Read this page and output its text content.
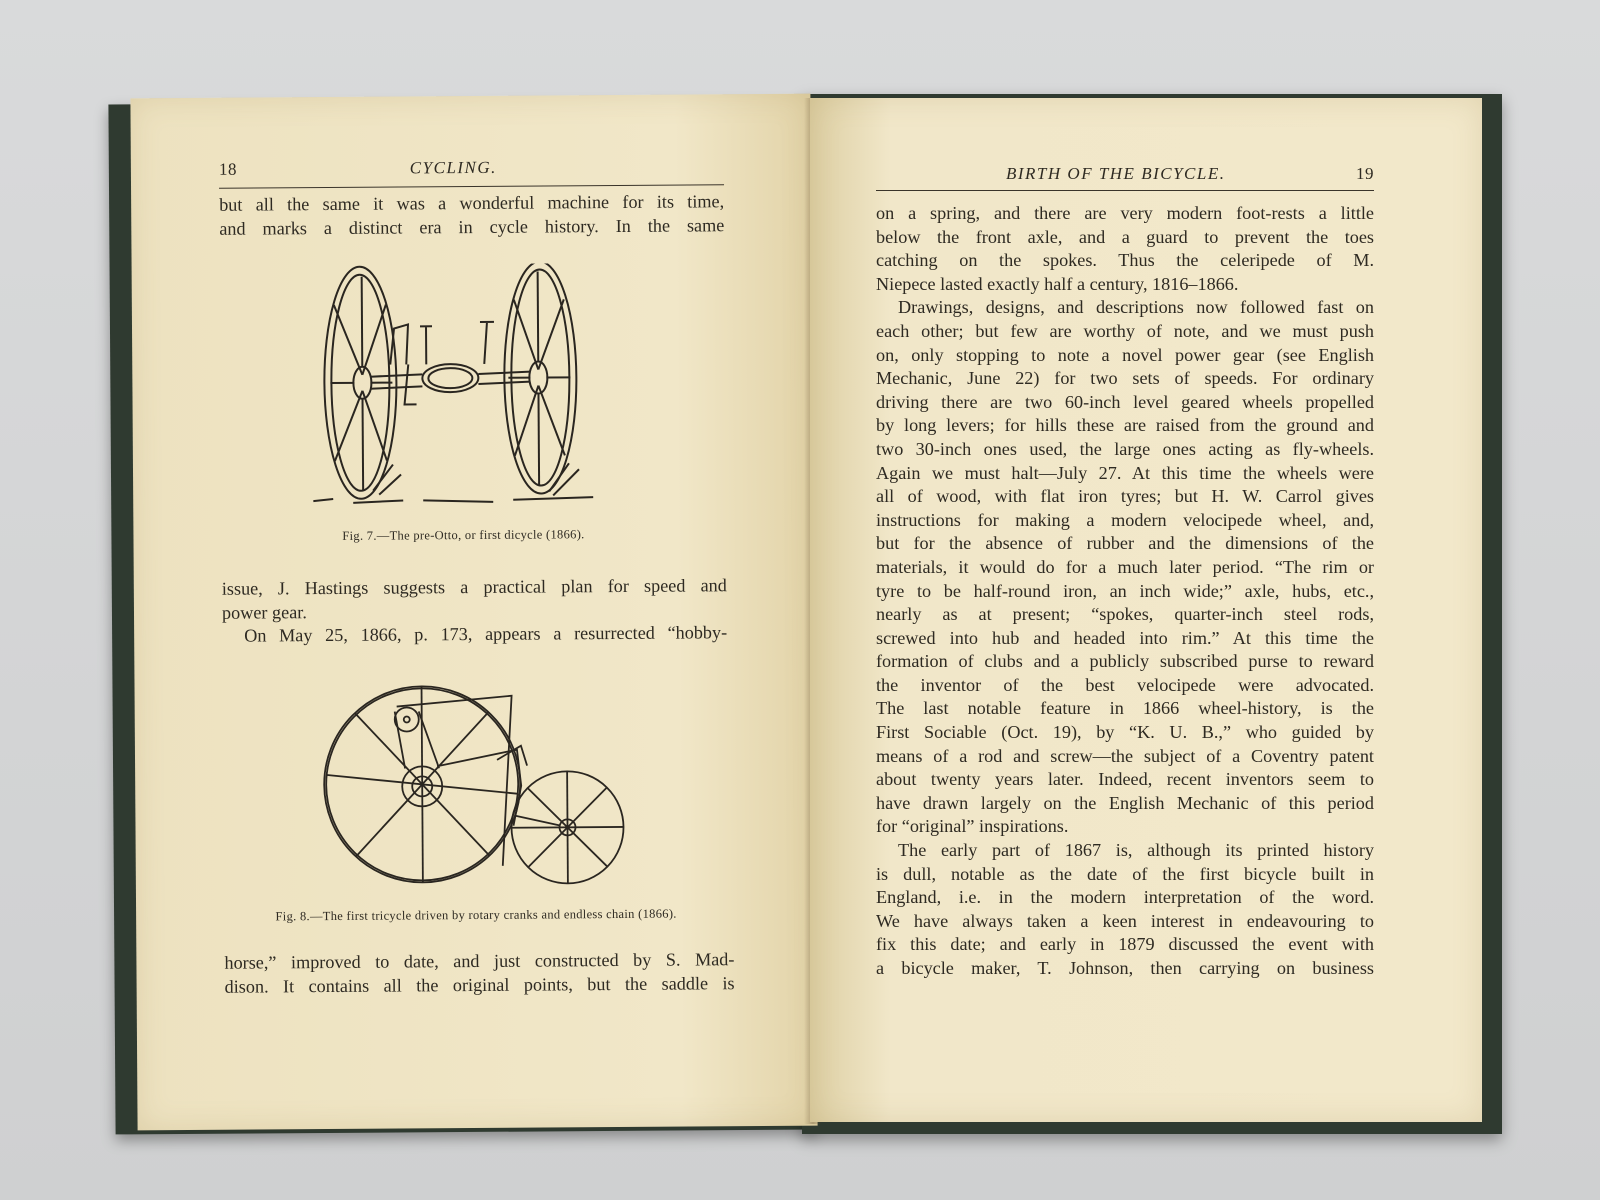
18	CYCLING.
but all the same it was a wonderful machine for its time,
and marks a distinct era in cycle history. In the same
Fig. 7.—The pre-Otto, or first dicycle (1866).
issue, J. Hastings suggests a practical plan for speed and
power gear.
On May 25, 1866, p. 173, appears a resurrected “hobby-
Fig. 8.—The first tricycle driven by rotary cranks and endless chain (1866).
horse,” improved to date, and just constructed by S. Mad-
dison. It contains all the original points, but the saddle is
BIRTH OF THE BICYCLE.	19
on a spring, and there are very modern foot-rests a little
below the front axle, and a guard to prevent the toes
catching on the spokes. Thus the celeripede of M.
Niepece lasted exactly half a century, 1816–1866.
Drawings, designs, and descriptions now followed fast on
each other; but few are worthy of note, and we must push
on, only stopping to note a novel power gear (see English
Mechanic, June 22) for two sets of speeds. For ordinary
driving there are two 60-inch level geared wheels propelled
by long levers; for hills these are raised from the ground and
two 30-inch ones used, the large ones acting as fly-wheels.
Again we must halt—July 27. At this time the wheels were
all of wood, with flat iron tyres; but H. W. Carrol gives
instructions for making a modern velocipede wheel, and,
but for the absence of rubber and the dimensions of the
materials, it would do for a much later period. “The rim or
tyre to be half-round iron, an inch wide;” axle, hubs, etc.,
nearly as at present; “spokes, quarter-inch steel rods,
screwed into hub and headed into rim.” At this time the
formation of clubs and a publicly subscribed purse to reward
the inventor of the best velocipede were advocated.
The last notable feature in 1866 wheel-history, is the
First Sociable (Oct. 19), by “K. U. B.,” who guided by
means of a rod and screw—the subject of a Coventry patent
about twenty years later. Indeed, recent inventors seem to
have drawn largely on the English Mechanic of this period
for “original” inspirations.
The early part of 1867 is, although its printed history
is dull, notable as the date of the first bicycle built in
England, i.e. in the modern interpretation of the word.
We have always taken a keen interest in endeavouring to
fix this date; and early in 1879 discussed the event with
a bicycle maker, T. Johnson, then carrying on business
